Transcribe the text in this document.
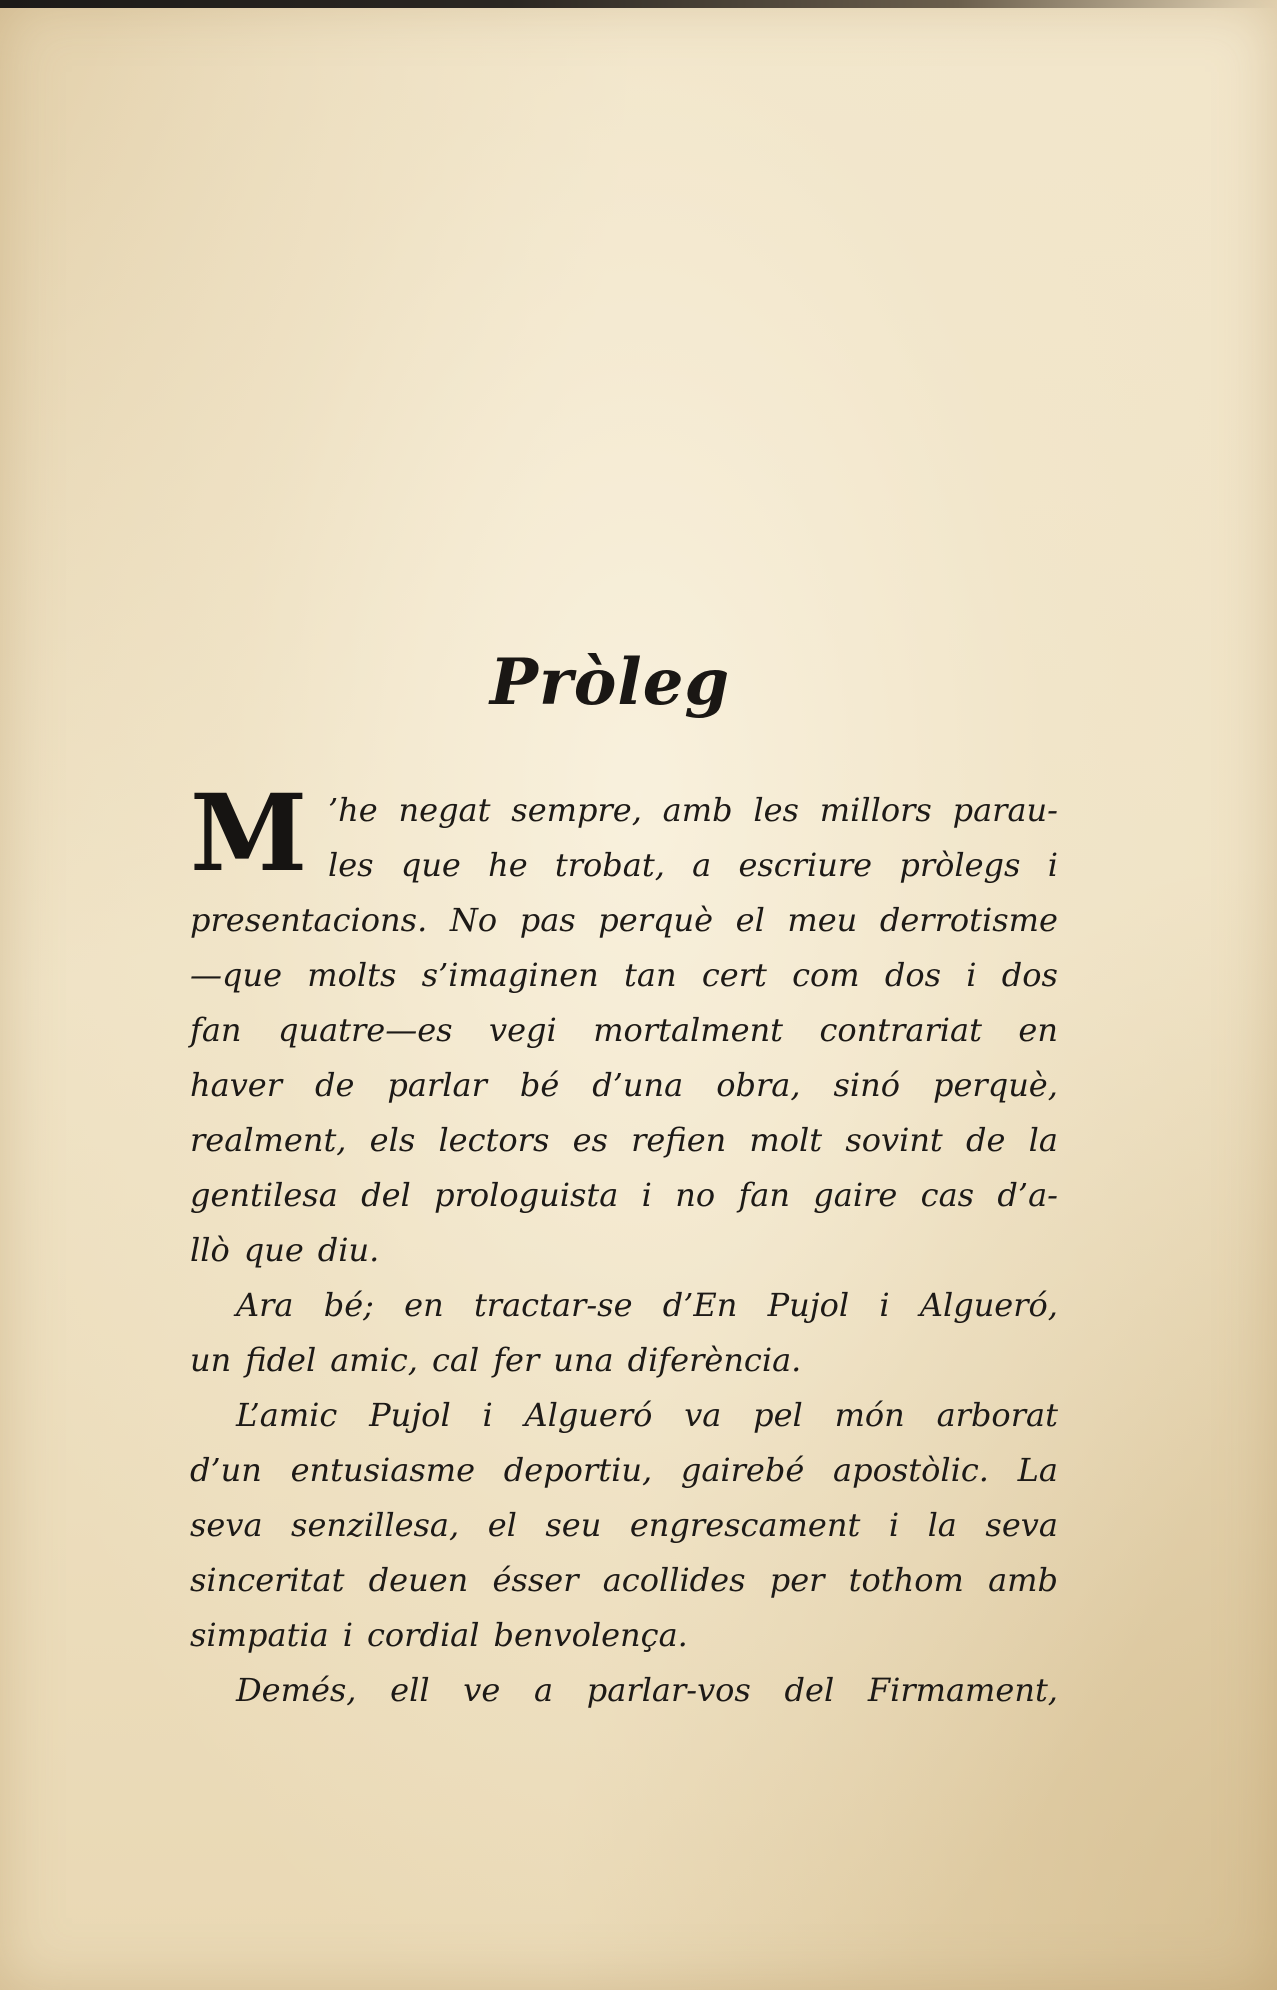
Pròleg
M ’he negat sempre, amb les millors parau-
les que he trobat, a escriure pròlegs i
presentacions. No pas perquè el meu derrotisme
—que molts s’imaginen tan cert com dos i dos
fan quatre—es vegi mortalment contrariat en
haver de parlar bé d’una obra, sinó perquè,
realment, els lectors es refien molt sovint de la
gentilesa del prologuista i no fan gaire cas d’a-
llò que diu.
Ara bé; en tractar-se d’En Pujol i Algueró,
un fidel amic, cal fer una diferència.
L’amic Pujol i Algueró va pel món arborat
d’un entusiasme deportiu, gairebé apostòlic. La
seva senzillesa, el seu engrescament i la seva
sinceritat deuen ésser acollides per tothom amb
simpatia i cordial benvolença.
Demés, ell ve a parlar-vos del Firmament,
